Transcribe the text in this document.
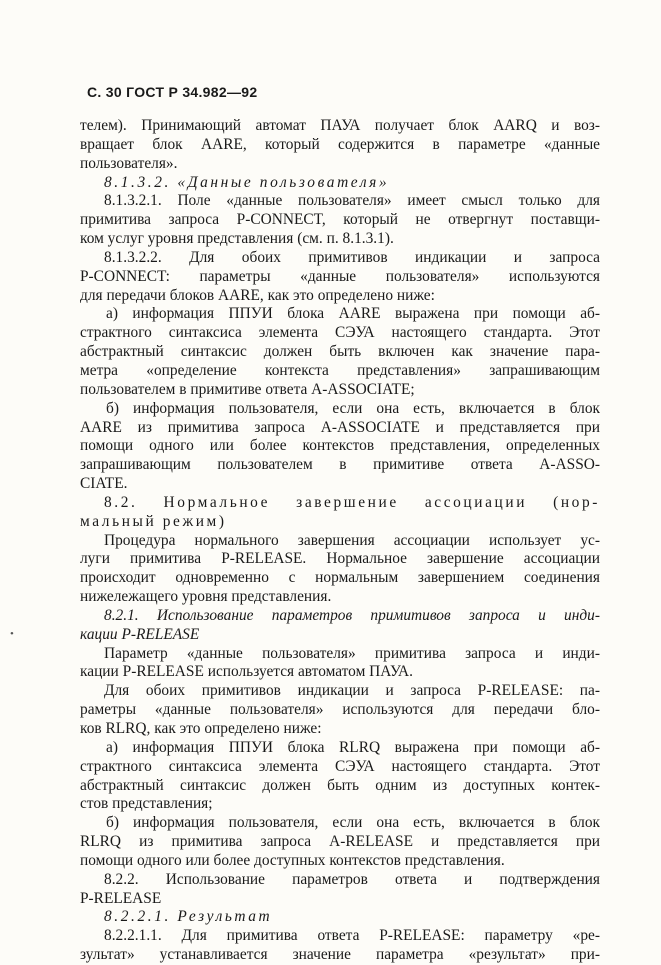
С. 30 ГОСТ Р 34.982—92
•
телем). Принимающий автомат ПАУА получает блок AARQ и воз-
вращает блок AARE, который содержится в параметре «данные
пользователя».
8.1.3.2. «Данные пользователя»
8.1.3.2.1. Поле «данные пользователя» имеет смысл только для
примитива запроса P-CONNECT, который не отвергнут поставщи-
ком услуг уровня представления (см. п. 8.1.3.1).
8.1.3.2.2. Для обоих примитивов индикации и запроса
P-CONNECT: параметры «данные пользователя» используются
для передачи блоков AARE, как это определено ниже:
а) информация ППУИ блока AARE выражена при помощи аб-
страктного синтаксиса элемента СЭУА настоящего стандарта. Этот
абстрактный синтаксис должен быть включен как значение пара-
метра «определение контекста представления» запрашивающим
пользователем в примитиве ответа A-ASSOCIATE;
б) информация пользователя, если она есть, включается в блок
AARE из примитива запроса A-ASSOCIATE и представляется при
помощи одного или более контекстов представления, определенных
запрашивающим пользователем в примитиве ответа A-ASSO-
CIATE.
8.2. Нормальное завершение ассоциации (нор-
мальный режим)
Процедура нормального завершения ассоциации использует ус-
луги примитива P-RELEASE. Нормальное завершение ассоциации
происходит одновременно с нормальным завершением соединения
нижележащего уровня представления.
8.2.1. Использование параметров примитивов запроса и инди-
кации P-RELEASE
Параметр «данные пользователя» примитива запроса и инди-
кации P-RELEASE используется автоматом ПАУА.
Для обоих примитивов индикации и запроса P-RELEASE: па-
раметры «данные пользователя» используются для передачи бло-
ков RLRQ, как это определено ниже:
а) информация ППУИ блока RLRQ выражена при помощи аб-
страктного синтаксиса элемента СЭУА настоящего стандарта. Этот
абстрактный синтаксис должен быть одним из доступных контек-
стов представления;
б) информация пользователя, если она есть, включается в блок
RLRQ из примитива запроса A-RELEASE и представляется при
помощи одного или более доступных контекстов представления.
8.2.2. Использование параметров ответа и подтверждения
P-RELEASE
8.2.2.1. Результат
8.2.2.1.1. Для примитива ответа P-RELEASE: параметру «ре-
зультат» устанавливается значение параметра «результат» при-
